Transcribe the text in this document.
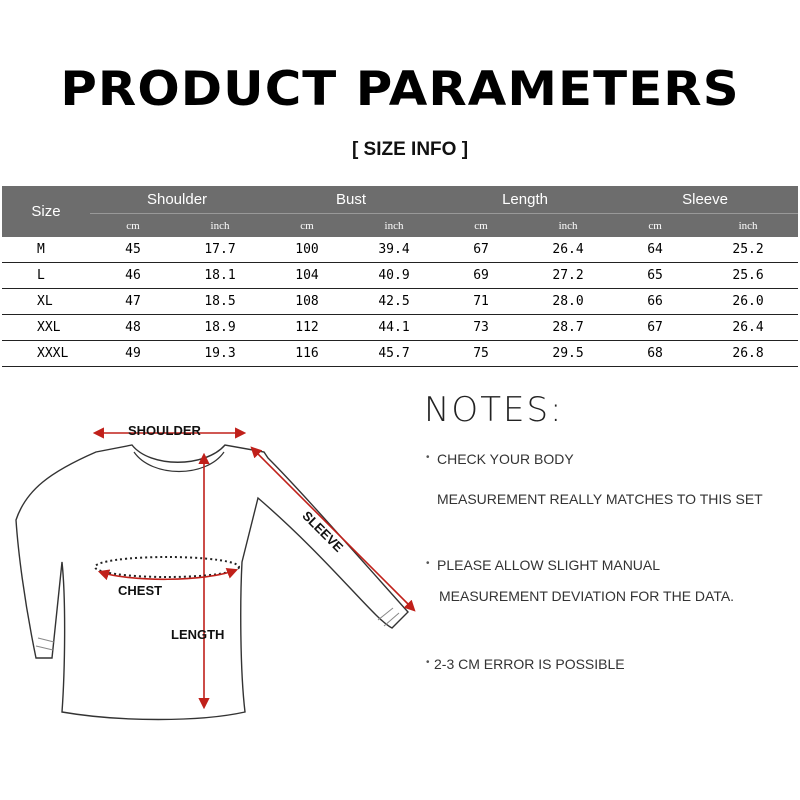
PRODUCT PARAMETERS
[ SIZE INFO ]
Size	Shoulder		Bust		Length		Sleeve	
	cm	inch	cm	inch	cm	inch	cm	inch
M	45	17.7	100	39.4	67	26.4	64	25.2
L	46	18.1	104	40.9	69	27.2	65	25.6
XL	47	18.5	108	42.5	71	28.0	66	26.0
XXL	48	18.9	112	44.1	73	28.7	67	26.4
XXXL	49	19.3	116	45.7	75	29.5	68	26.8
SHOULDER
SLEEVE
CHEST
LENGTH
NOTES:
• CHECK YOUR BODY
MEASUREMENT REALLY MATCHES TO THIS SET
• PLEASE ALLOW SLIGHT MANUAL
MEASUREMENT DEVIATION FOR THE DATA.
• 2-3 CM ERROR IS POSSIBLE
